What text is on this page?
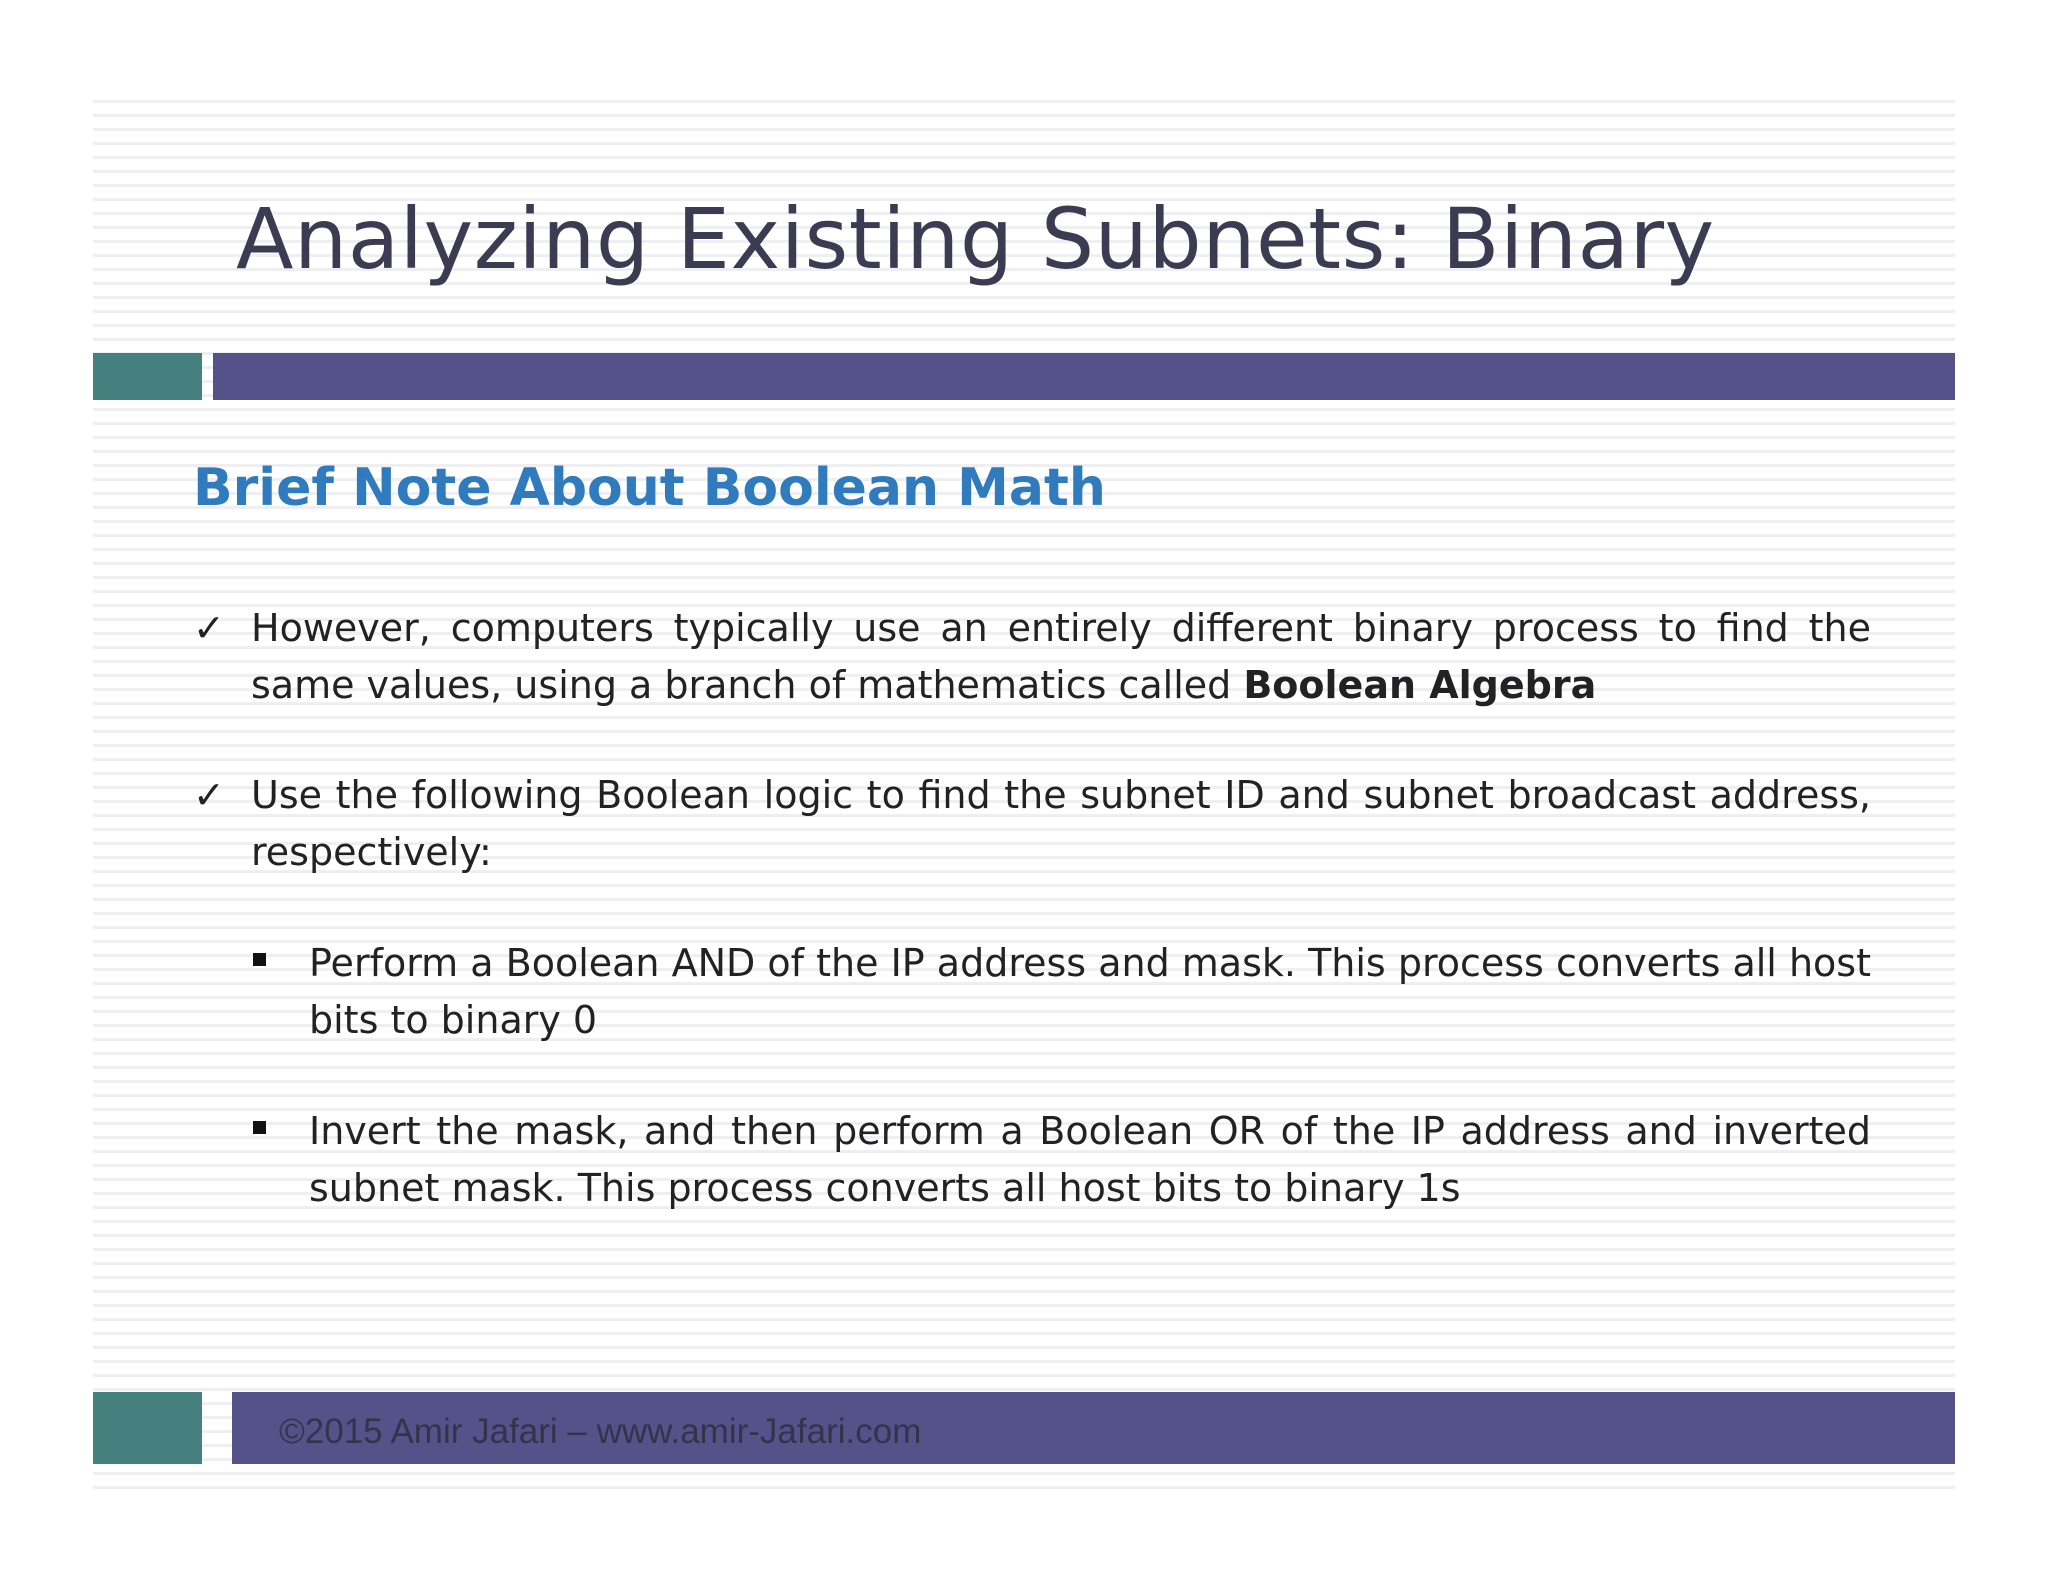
Analyzing Existing Subnets: Binary
Brief Note About Boolean Math
✓ However, computers typically use an entirely different binary process to find the same values, using a branch of mathematics called Boolean Algebra
✓ Use the following Boolean logic to find the subnet ID and subnet broadcast address, respectively:
Perform a Boolean AND of the IP address and mask. This process converts all host bits to binary 0
Invert the mask, and then perform a Boolean OR of the IP address and inverted subnet mask. This process converts all host bits to binary 1s
©2015 Amir Jafari – www.amir-Jafari.com
